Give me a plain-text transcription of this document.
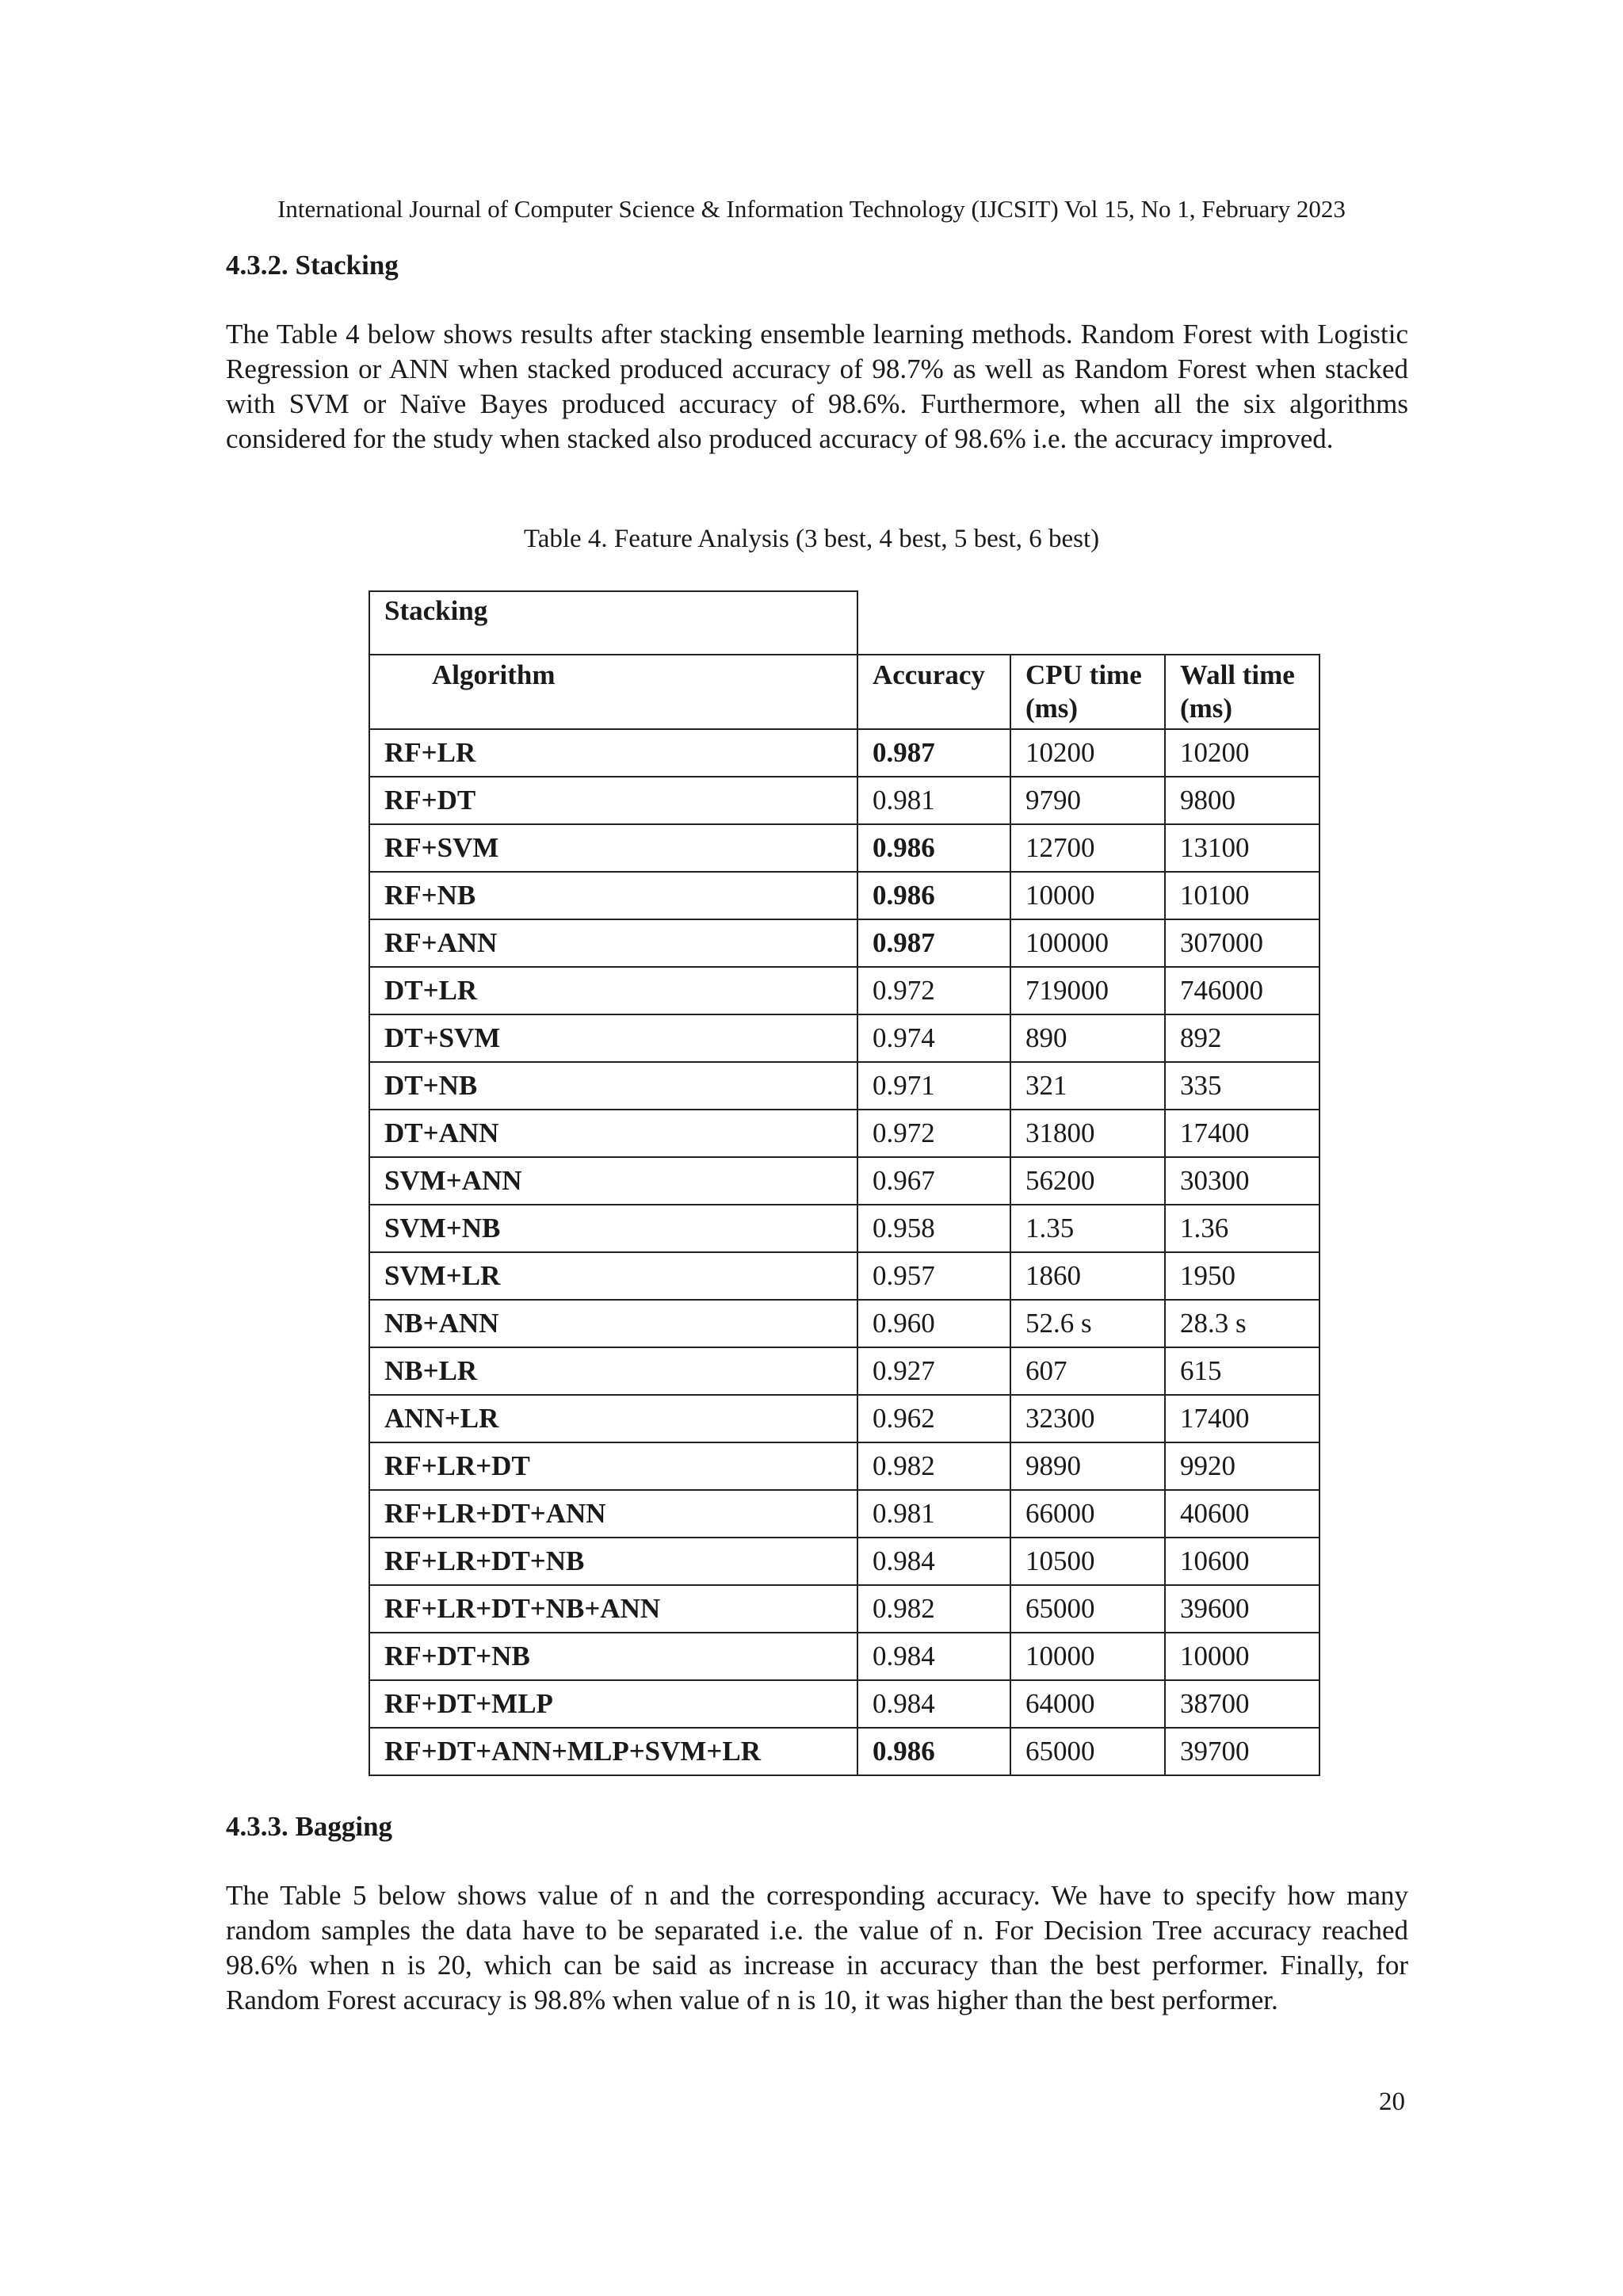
International Journal of Computer Science & Information Technology (IJCSIT) Vol 15, No 1, February 2023
4.3.2. Stacking

The Table 4 below shows results after stacking ensemble learning methods. Random Forest with Logistic Regression or ANN when stacked produced accuracy of 98.7% as well as Random Forest when stacked with SVM or Naïve Bayes produced accuracy of 98.6%. Furthermore, when all the six algorithms considered for the study when stacked also produced accuracy of 98.6% i.e. the accuracy improved.

Table 4. Feature Analysis (3 best, 4 best, 5 best, 6 best)
Stacking			
Algorithm	Accuracy	CPU time (ms)	Wall time (ms)
RF+LR	0.987	10200	10200
RF+DT	0.981	9790	9800
RF+SVM	0.986	12700	13100
RF+NB	0.986	10000	10100
RF+ANN	0.987	100000	307000
DT+LR	0.972	719000	746000
DT+SVM	0.974	890	892
DT+NB	0.971	321	335
DT+ANN	0.972	31800	17400
SVM+ANN	0.967	56200	30300
SVM+NB	0.958	1.35	1.36
SVM+LR	0.957	1860	1950
NB+ANN	0.960	52.6 s	28.3 s
NB+LR	0.927	607	615
ANN+LR	0.962	32300	17400
RF+LR+DT	0.982	9890	9920
RF+LR+DT+ANN	0.981	66000	40600
RF+LR+DT+NB	0.984	10500	10600
RF+LR+DT+NB+ANN	0.982	65000	39600
RF+DT+NB	0.984	10000	10000
RF+DT+MLP	0.984	64000	38700
RF+DT+ANN+MLP+SVM+LR	0.986	65000	39700
4.3.3. Bagging

The Table 5 below shows value of n and the corresponding accuracy. We have to specify how many random samples the data have to be separated i.e. the value of n. For Decision Tree accuracy reached 98.6% when n is 20, which can be said as increase in accuracy than the best performer. Finally, for Random Forest accuracy is 98.8% when value of n is 10, it was higher than the best performer.

20
